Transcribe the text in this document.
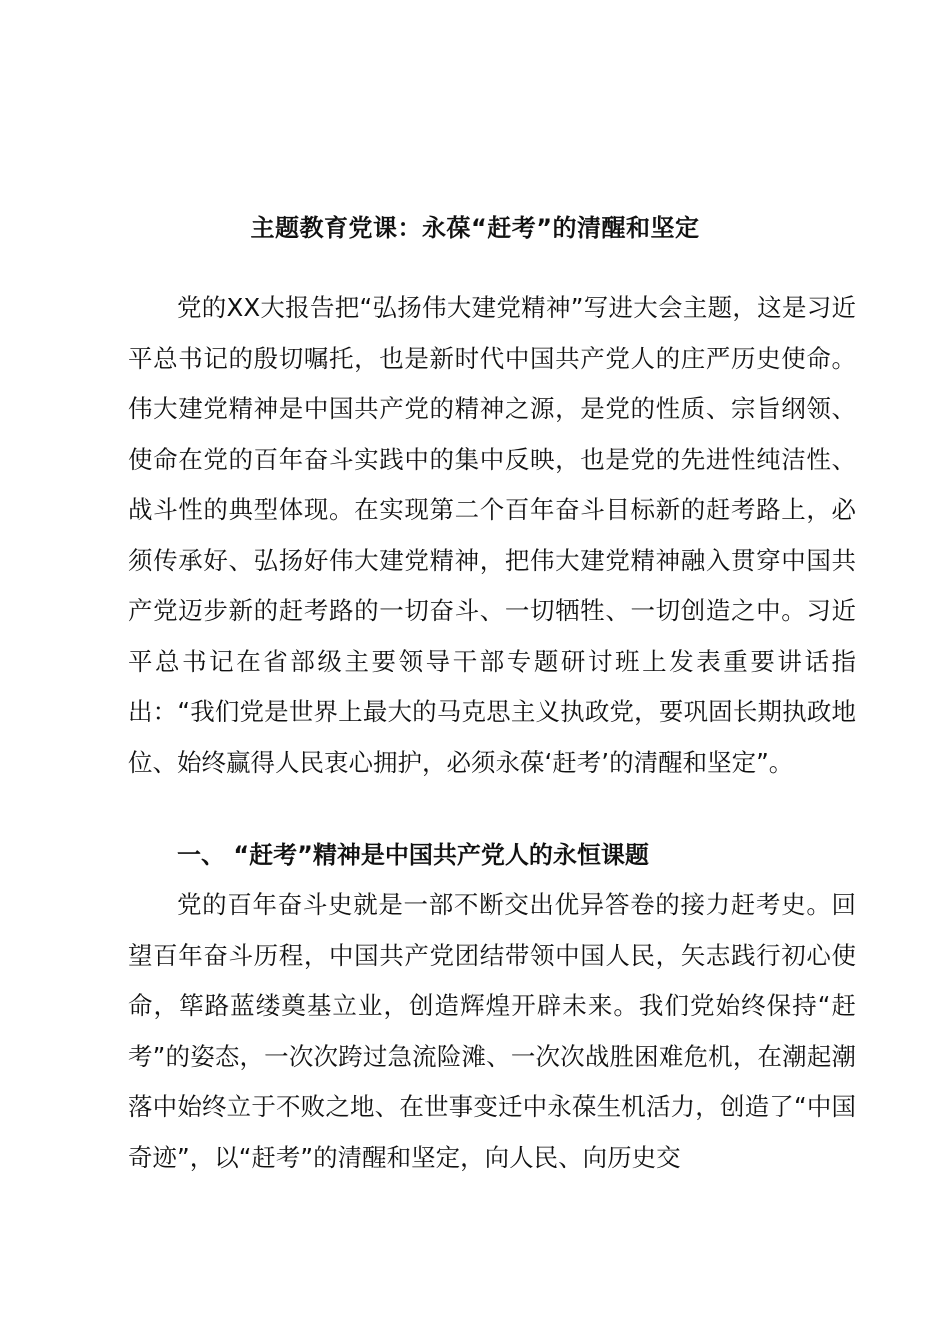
主题教育党课：永葆“赶考”的清醒和坚定

党的XX大报告把“弘扬伟大建党精神”写进大会主题，这是习近平总书记的殷切嘱托，也是新时代中国共产党人的庄严历史使命。伟大建党精神是中国共产党的精神之源，是党的性质、宗旨纲领、使命在党的百年奋斗实践中的集中反映，也是党的先进性纯洁性、战斗性的典型体现。在实现第二个百年奋斗目标新的赶考路上，必须传承好、弘扬好伟大建党精神，把伟大建党精神融入贯穿中国共产党迈步新的赶考路的一切奋斗、一切牺牲、一切创造之中。习近平总书记在省部级主要领导干部专题研讨班上发表重要讲话指出：“我们党是世界上最大的马克思主义执政党，要巩固长期执政地位、始终赢得人民衷心拥护，必须永葆‘赶考’的清醒和坚定”。

一、 “赶考”精神是中国共产党人的永恒课题

党的百年奋斗史就是一部不断交出优异答卷的接力赶考史。回望百年奋斗历程，中国共产党团结带领中国人民，矢志践行初心使命，筚路蓝缕奠基立业，创造辉煌开辟未来。我们党始终保持“赶考”的姿态，一次次跨过急流险滩、一次次战胜困难危机，在潮起潮落中始终立于不败之地、在世事变迁中永葆生机活力，创造了“中国奇迹”，以“赶考”的清醒和坚定，向人民、向历史交
